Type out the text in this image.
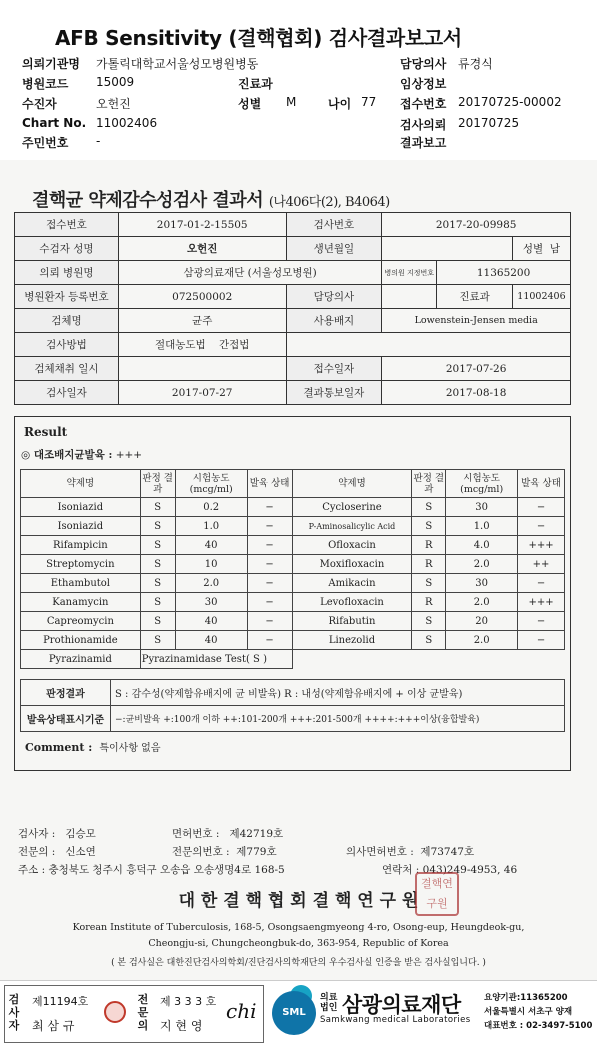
AFB Sensitivity (결핵협회) 검사결과보고서
의뢰기관명 가톨릭대학교서울성모병원병동	담당의사 류경식
병원코드 15009	진료과	임상정보
수진자	오헌진	성별 M	나이 77 접수번호 20170725-00002
Chart No. 11002406	검사의뢰 20170725
주민번호 -	결과보고
결핵균 약제감수성검사 결과서 (나406다(2), B4064)
접수번호	2017-01-2-15505	검사번호	2017-20-09985		
수검자 성명	오헌진	생년월일			성별 남
의뢰 병원명	삼광의료재단 (서울성모병원)		병의원 지정번호	11365200	
병원환자 등록번호	072500002	담당의사		진료과	11002406
검체명	균주	사용배지	Lowenstein-Jensen media		
검사방법	절대농도법 간접법				
검체채취 일시		접수일자	2017-07-26		
검사일자	2017-07-27	결과통보일자	2017-08-18		
Result
◎ 대조배지균발육 : +++
약제명	판정 결과	시험농도 (mcg/ml)	발육 상태	약제명	판정 결과	시험농도 (mcg/ml)	발육 상태
Isoniazid	S	0.2	−	Cycloserine	S	30	−
Isoniazid	S	1.0	−	P-Aminosalicylic Acid	S	1.0	−
Rifampicin	S	40	−	Ofloxacin	R	4.0	+++
Streptomycin	S	10	−	Moxifloxacin	R	2.0	++
Ethambutol	S	2.0	−	Amikacin	S	30	−
Kanamycin	S	30	−	Levofloxacin	R	2.0	+++
Capreomycin	S	40	−	Rifabutin	S	20	−
Prothionamide	S	40	−	Linezolid	S	2.0	−
Pyrazinamid	Pyrazinamidase Test( S )						
판정결과	S : 감수성(약제함유배지에 균 비발육) R : 내성(약제함유배지에 + 이상 균발육)
발육상태표시기준	−:균비발육 +:100개 이하 ++:101-200개 +++:201-500개 ++++:+++이상(융합발육)
Comment : 특이사항 없음
검사자 : 김승모	면허번호 : 제42719호
전문의 : 신소연	전문의번호 : 제779호	의사면허번호 : 제73747호
주소 : 충청북도 청주시 흥덕구 오송읍 오송생명4로 168-5	연락처 : 043)249-4953, 46
대 한 결 핵 협 회 결 핵 연 구 원
결핵연구원
Korean Institute of Tuberculosis, 168-5, Osongsaengmyeong 4-ro, Osong-eup, Heungdeok-gu,
Cheongju-si, Chungcheongbuk-do, 363-954, Republic of Korea
( 본 검사실은 대한진단검사의학회/진단검사의학재단의 우수검사실 인증을 받은 검사실입니다. )
검사자
제11194호
최 삼 규
전문의
제 3 3 3 호
지 현 영
chi	SML
의료 법인 삼광의료재단
Samkwang medical Laboratories
요양기관:11365200
서울특별시 서초구 양재
대표번호 : 02-3497-5100
